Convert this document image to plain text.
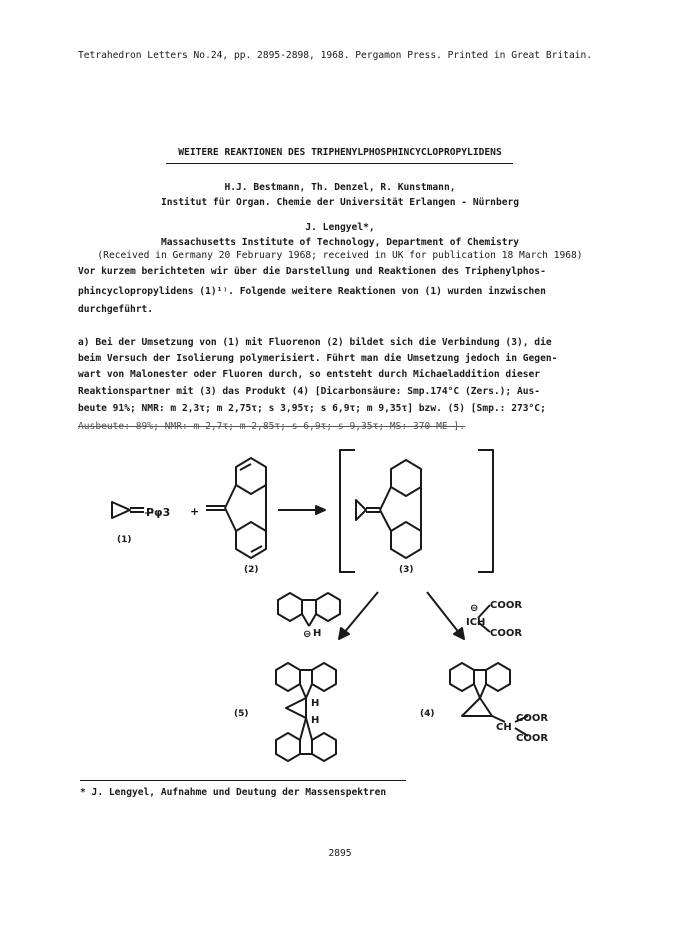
Tetrahedron Letters No.24, pp. 2895-2898, 1968. Pergamon Press. Printed in Great Britain.
WEITERE REAKTIONEN DES TRIPHENYLPHOSPHINCYCLOPROPYLIDENS
H.J. Bestmann, Th. Denzel, R. Kunstmann,
Institut für Organ. Chemie der Universität Erlangen - Nürnberg
J. Lengyel*,
Massachusetts Institute of Technology, Department of Chemistry
(Received in Germany 20 February 1968; received in UK for publication 18 March 1968)
Vor kurzem berichteten wir über die Darstellung und Reaktionen des Triphenylphos-
phincyclopropylidens (1)¹⁾. Folgende weitere Reaktionen von (1) wurden inzwischen
durchgeführt.
a) Bei der Umsetzung von (1) mit Fluorenon (2) bildet sich die Verbindung (3), die
beim Versuch der Isolierung polymerisiert. Führt man die Umsetzung jedoch in Gegen-
wart von Malonester oder Fluoren durch, so entsteht durch Michaeladdition dieser
Reaktionspartner mit (3) das Produkt (4) [Dicarbonsäure: Smp.174°C (Zers.); Aus-
beute 91%; NMR: m 2,3τ; m 2,75τ; s 3,95τ; s 6,9τ; m 9,35τ] bzw. (5) [Smp.: 273°C;
Ausbeute: 89%; NMR: m 2,7τ; m 2,85τ; s 6,9τ; s 9,35τ; MS: 370 ME ].
P̶φ3 +
(1)
(2)	(3)
⊖ H
⊖
ICH
COOR
COOR
H
H
(5)	(4)
CH
COOR
COOR
* J. Lengyel, Aufnahme und Deutung der Massenspektren
2895
